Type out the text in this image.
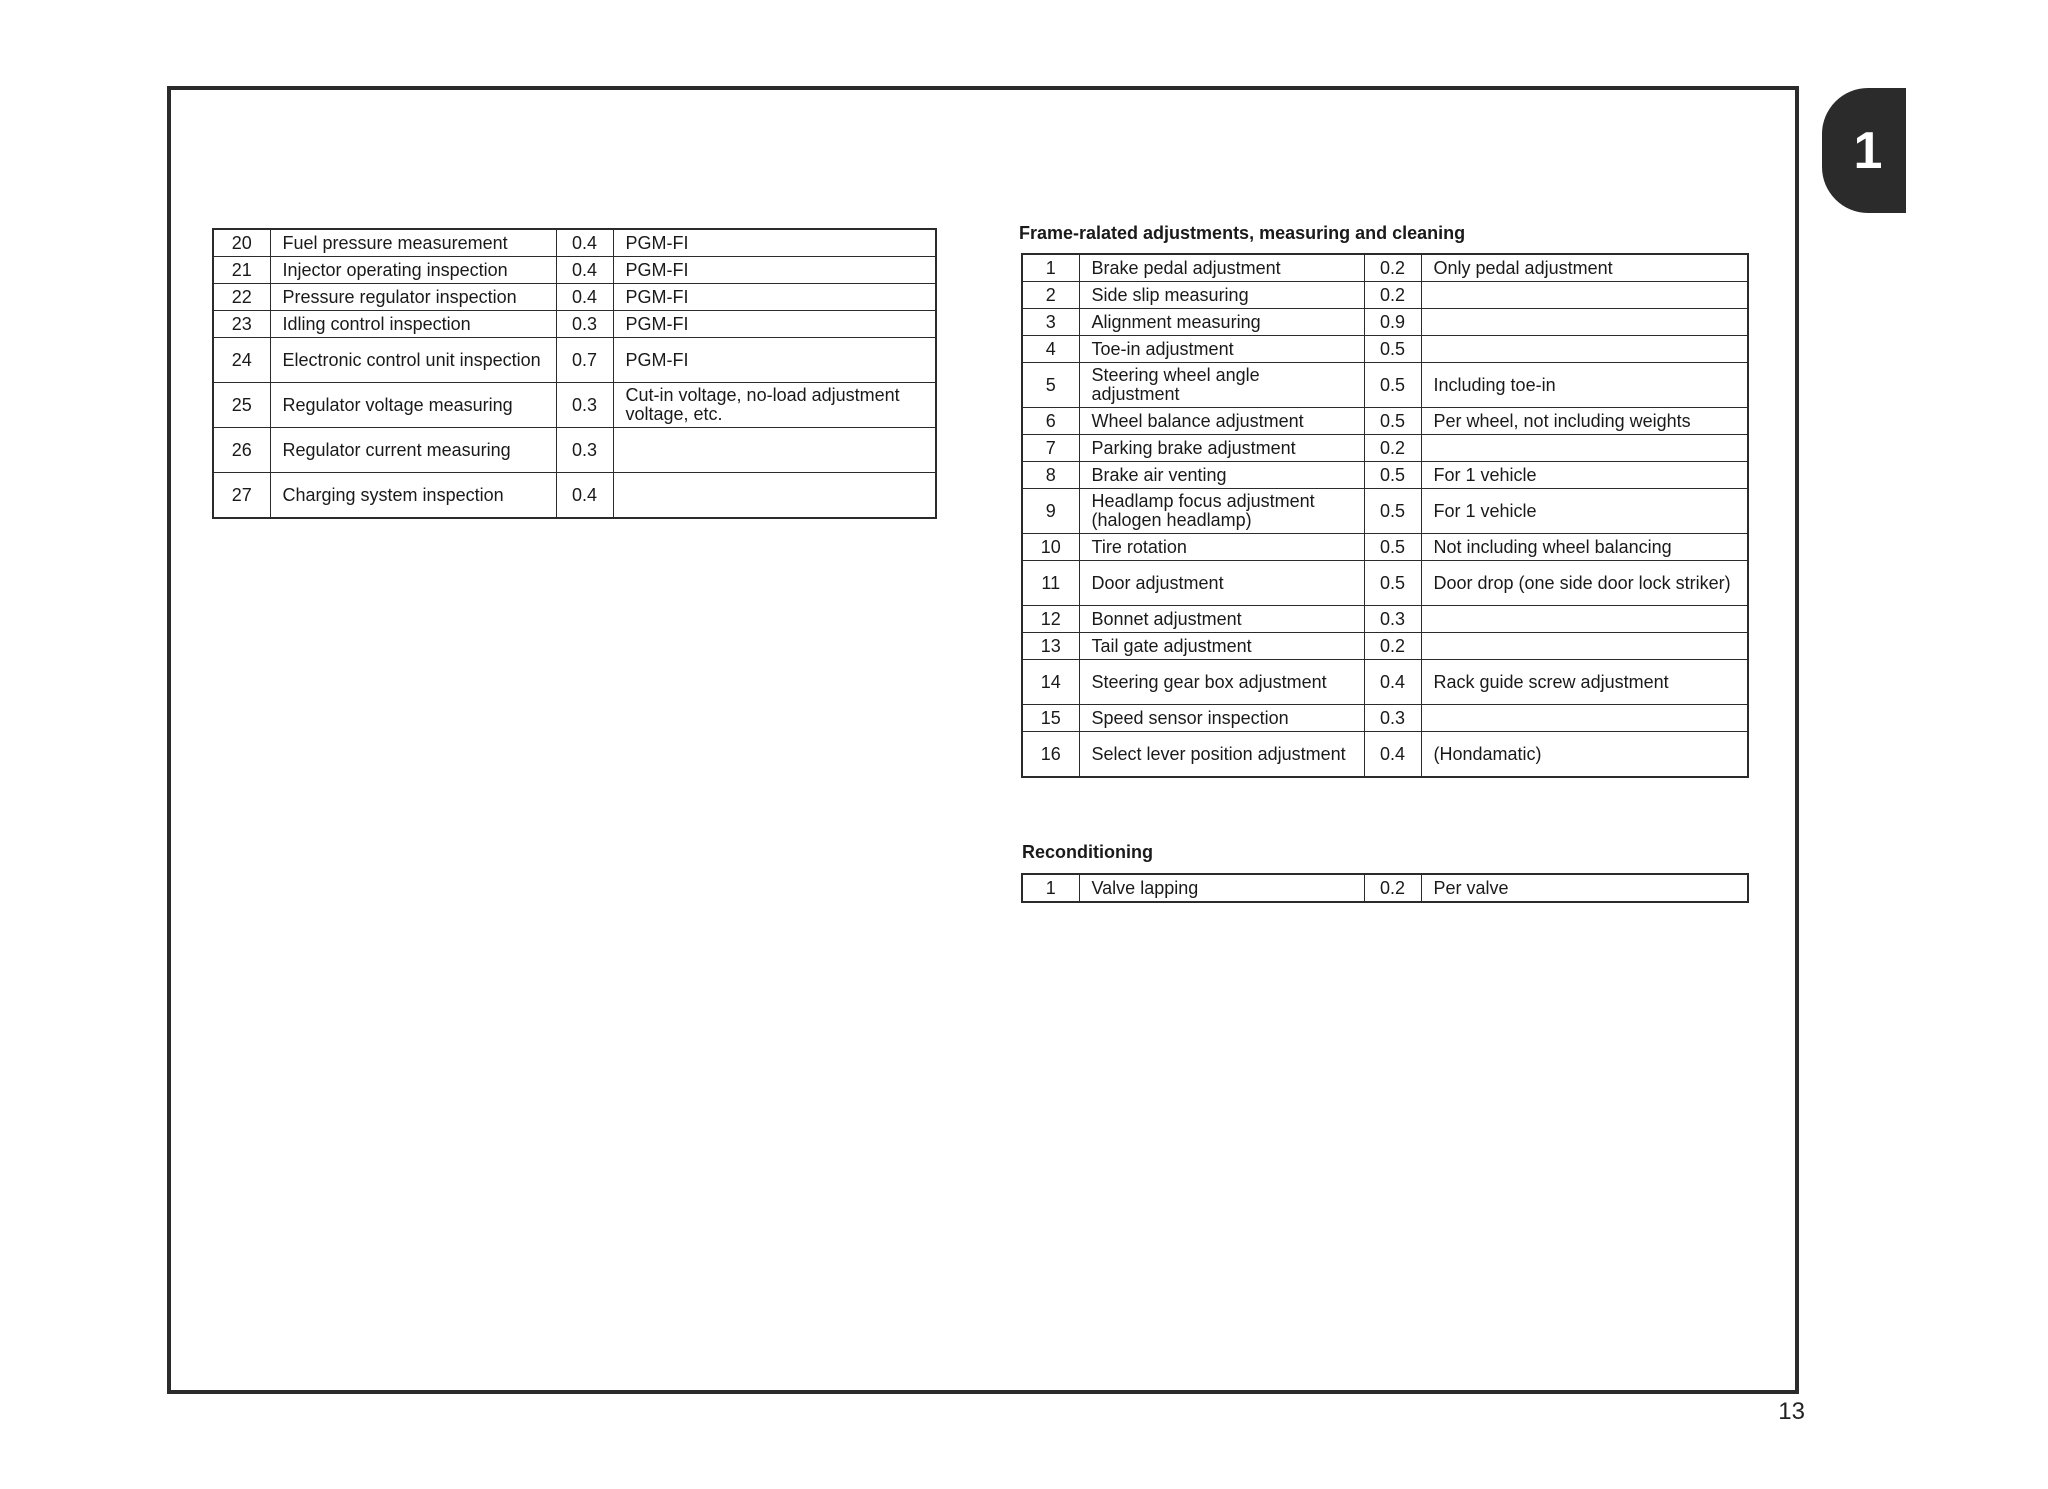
1
20	Fuel pressure measurement	0.4	PGM-FI
21	Injector operating inspection	0.4	PGM-FI
22	Pressure regulator inspection	0.4	PGM-FI
23	Idling control inspection	0.3	PGM-FI
24	Electronic control unit inspection	0.7	PGM-FI
25	Regulator voltage measuring	0.3	Cut-in voltage, no-load adjustment voltage, etc.
26	Regulator current measuring	0.3	
27	Charging system inspection	0.4	
Frame-ralated adjustments, measuring and cleaning
1	Brake pedal adjustment	0.2	Only pedal adjustment
2	Side slip measuring	0.2	
3	Alignment measuring	0.9	
4	Toe-in adjustment	0.5	
5	Steering wheel angle adjustment	0.5	Including toe-in
6	Wheel balance adjustment	0.5	Per wheel, not including weights
7	Parking brake adjustment	0.2	
8	Brake air venting	0.5	For 1 vehicle
9	Headlamp focus adjustment (halogen headlamp)	0.5	For 1 vehicle
10	Tire rotation	0.5	Not including wheel balancing
11	Door adjustment	0.5	Door drop (one side door lock striker)
12	Bonnet adjustment	0.3	
13	Tail gate adjustment	0.2	
14	Steering gear box adjustment	0.4	Rack guide screw adjustment
15	Speed sensor inspection	0.3	
16	Select lever position adjustment	0.4	(Hondamatic)
Reconditioning
1	Valve lapping	0.2	Per valve
13
